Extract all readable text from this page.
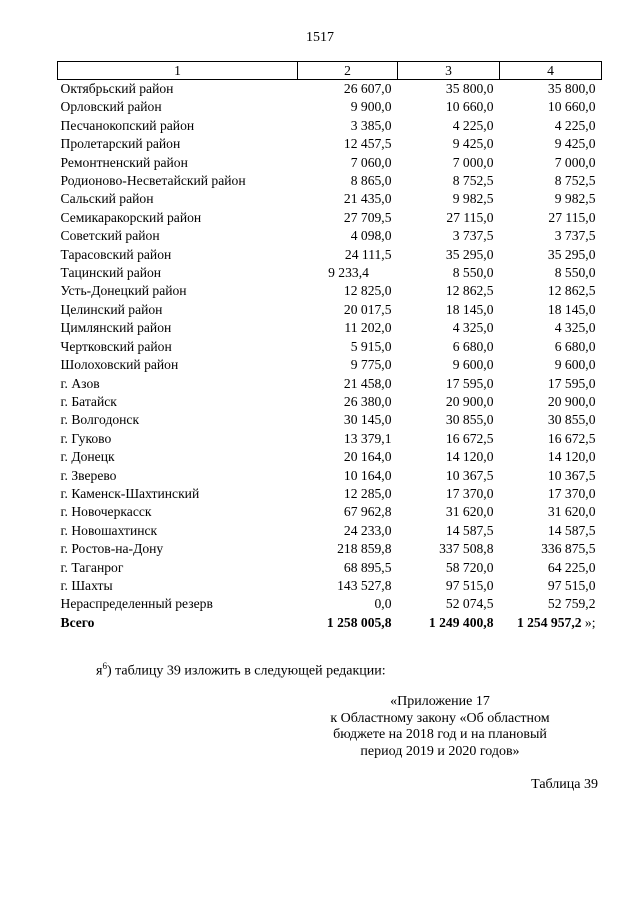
1517
1	2	3	4
Октябрьский район	26 607,0	35 800,0	35 800,0
Орловский район	9 900,0	10 660,0	10 660,0
Песчанокопский район	3 385,0	4 225,0	4 225,0
Пролетарский район	12 457,5	9 425,0	9 425,0
Ремонтненский район	7 060,0	7 000,0	7 000,0
Родионово-Несветайский район	8 865,0	8 752,5	8 752,5
Сальский район	21 435,0	9 982,5	9 982,5
Семикаракорский район	27 709,5	27 115,0	27 115,0
Советский район	4 098,0	3 737,5	3 737,5
Тарасовский район	24 111,5	35 295,0	35 295,0
Тацинский район	9 233,4	8 550,0	8 550,0
Усть-Донецкий район	12 825,0	12 862,5	12 862,5
Целинский район	20 017,5	18 145,0	18 145,0
Цимлянский район	11 202,0	4 325,0	4 325,0
Чертковский район	5 915,0	6 680,0	6 680,0
Шолоховский район	9 775,0	9 600,0	9 600,0
г. Азов	21 458,0	17 595,0	17 595,0
г. Батайск	26 380,0	20 900,0	20 900,0
г. Волгодонск	30 145,0	30 855,0	30 855,0
г. Гуково	13 379,1	16 672,5	16 672,5
г. Донецк	20 164,0	14 120,0	14 120,0
г. Зверево	10 164,0	10 367,5	10 367,5
г. Каменск-Шахтинский	12 285,0	17 370,0	17 370,0
г. Новочеркасск	67 962,8	31 620,0	31 620,0
г. Новошахтинск	24 233,0	14 587,5	14 587,5
г. Ростов-на-Дону	218 859,8	337 508,8	336 875,5
г. Таганрог	68 895,5	58 720,0	64 225,0
г. Шахты	143 527,8	97 515,0	97 515,0
Нераспределенный резерв	0,0	52 074,5	52 759,2
Всего	1 258 005,8	1 249 400,8	1 254 957,2 »;
$я^6$) таблицу 39 изложить в следующей редакции:
«Приложение 17
к Областному закону «Об областном
бюджете на 2018 год и на плановый
период 2019 и 2020 годов»
Таблица 39
